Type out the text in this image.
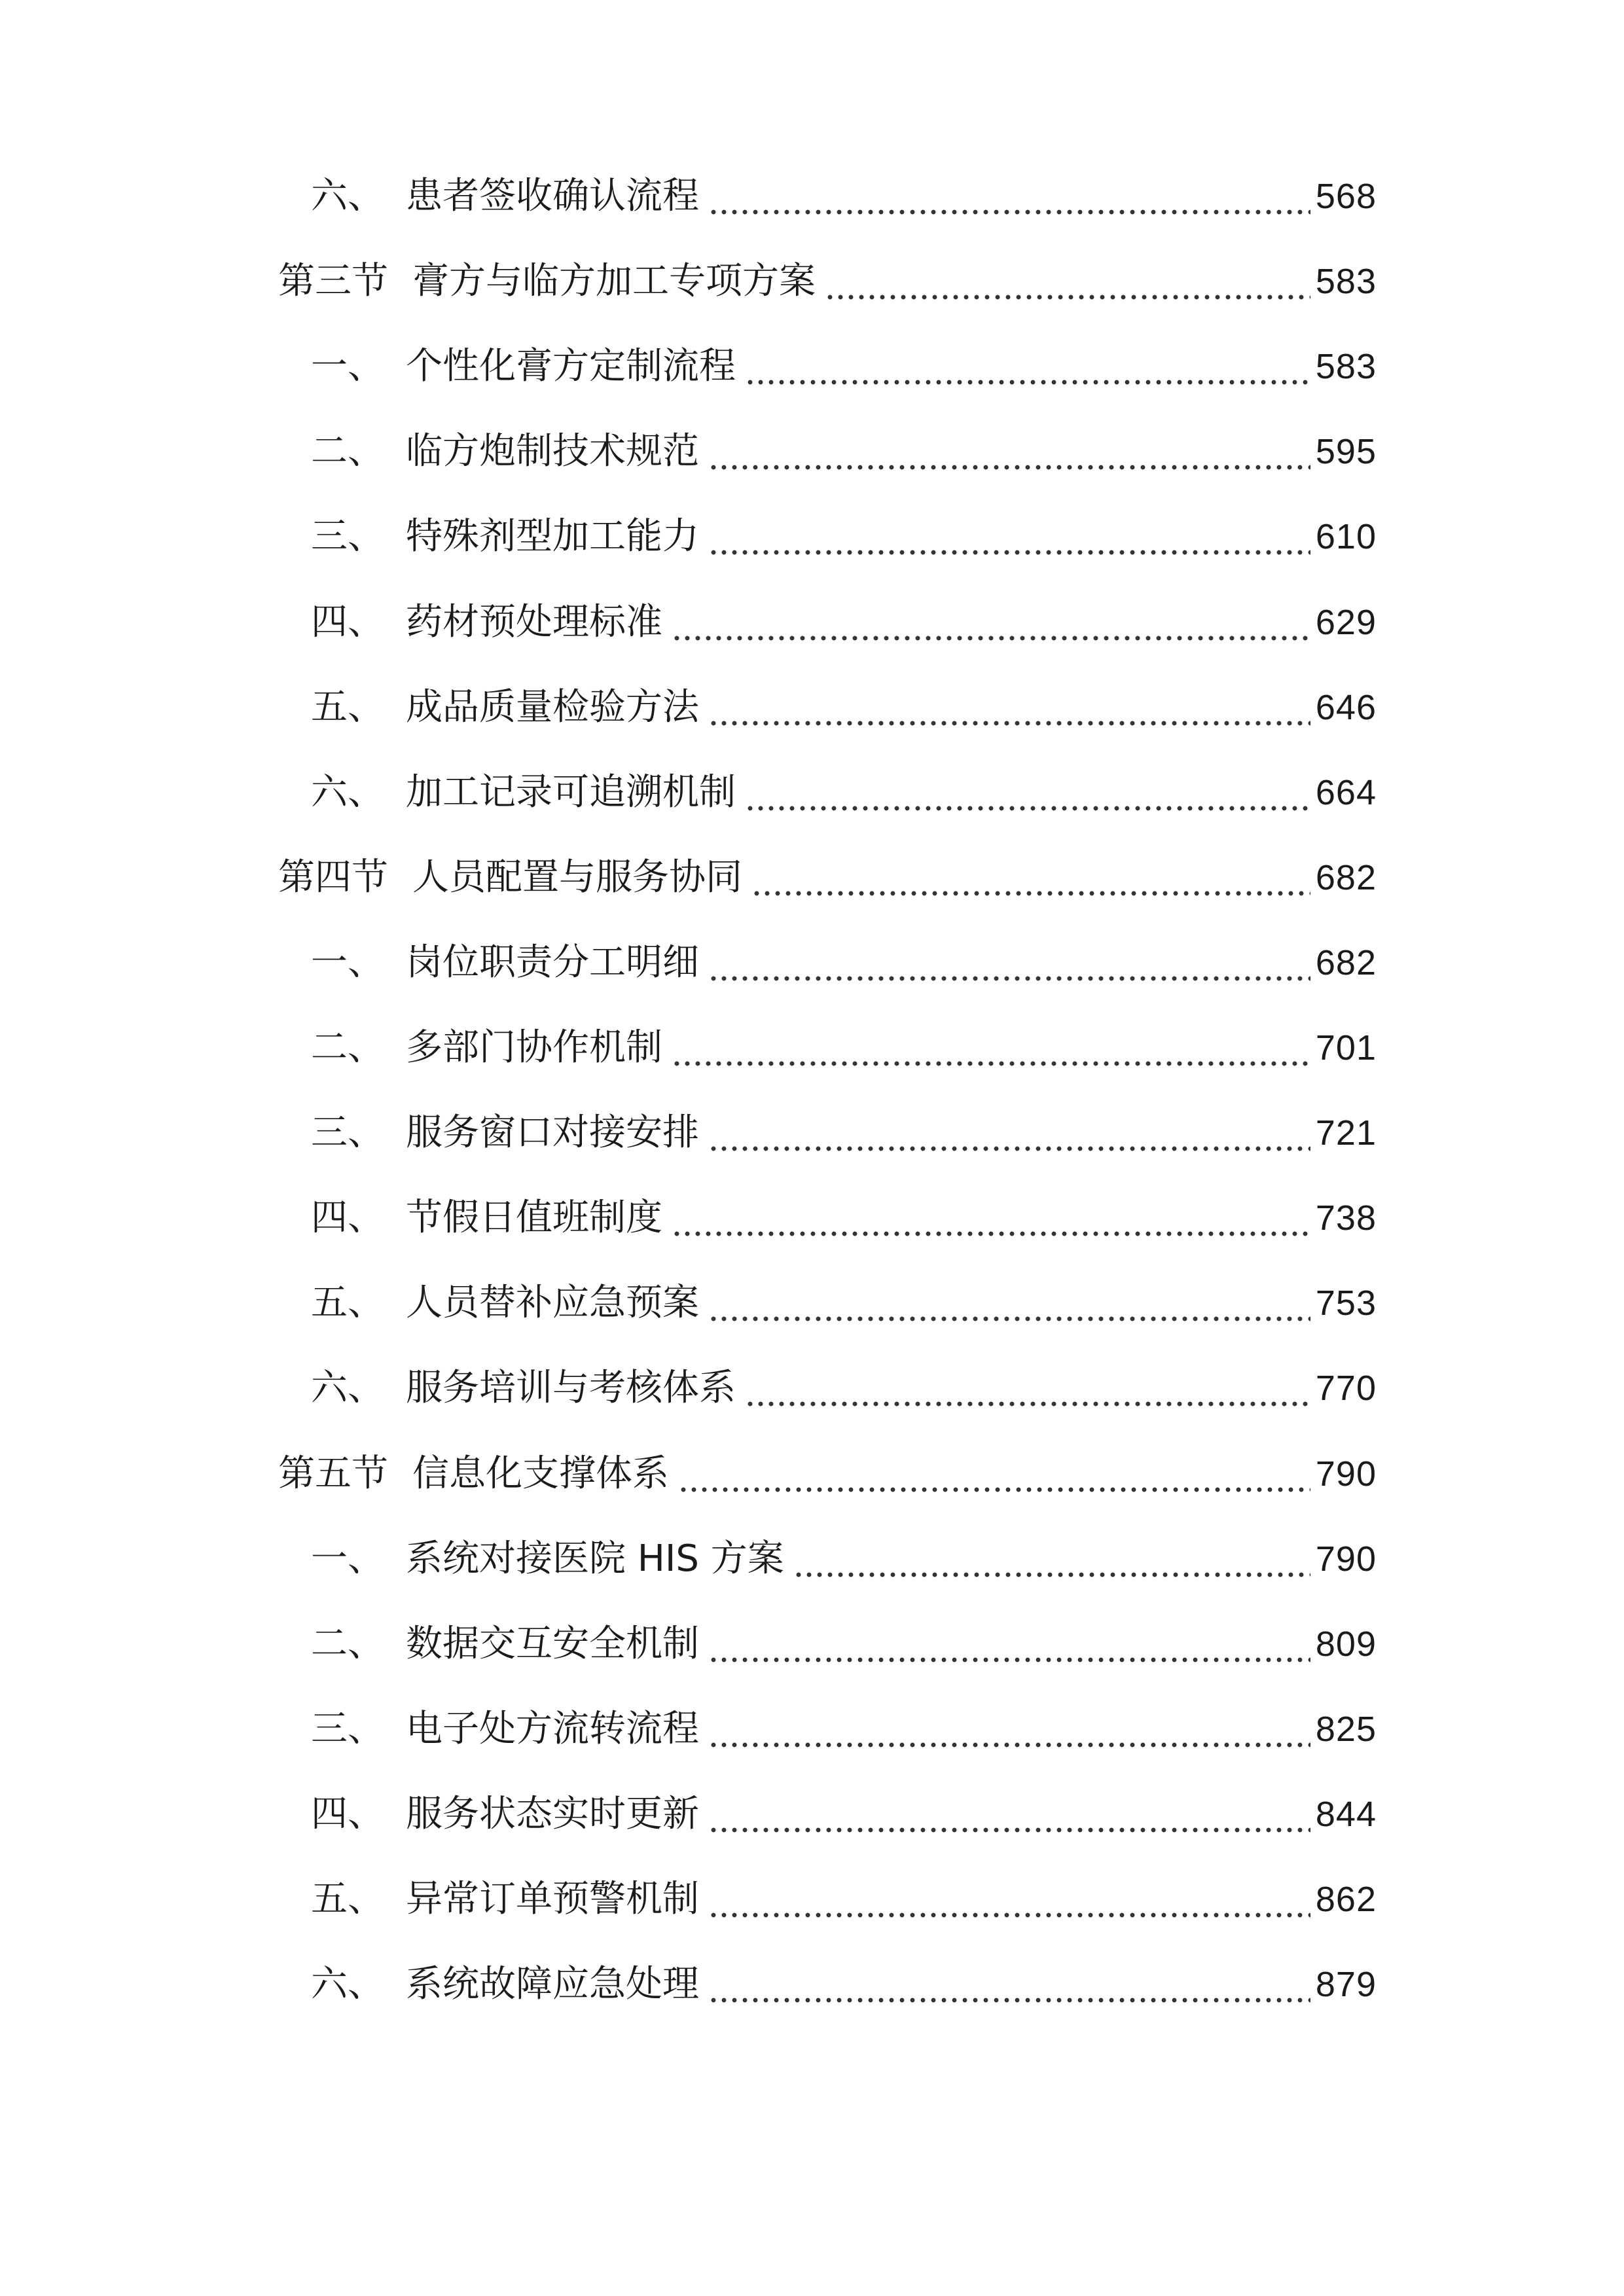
六、 患者签收确认流程	568
第三节 膏方与临方加工专项方案	583
一、 个性化膏方定制流程	583
二、 临方炮制技术规范	595
三、 特殊剂型加工能力	610
四、 药材预处理标准	629
五、 成品质量检验方法	646
六、 加工记录可追溯机制	664
第四节 人员配置与服务协同	682
一、 岗位职责分工明细	682
二、 多部门协作机制	701
三、 服务窗口对接安排	721
四、 节假日值班制度	738
五、 人员替补应急预案	753
六、 服务培训与考核体系	770
第五节 信息化支撑体系	790
一、 系统对接医院 HIS 方案	790
二、 数据交互安全机制	809
三、 电子处方流转流程	825
四、 服务状态实时更新	844
五、 异常订单预警机制	862
六、 系统故障应急处理	879
